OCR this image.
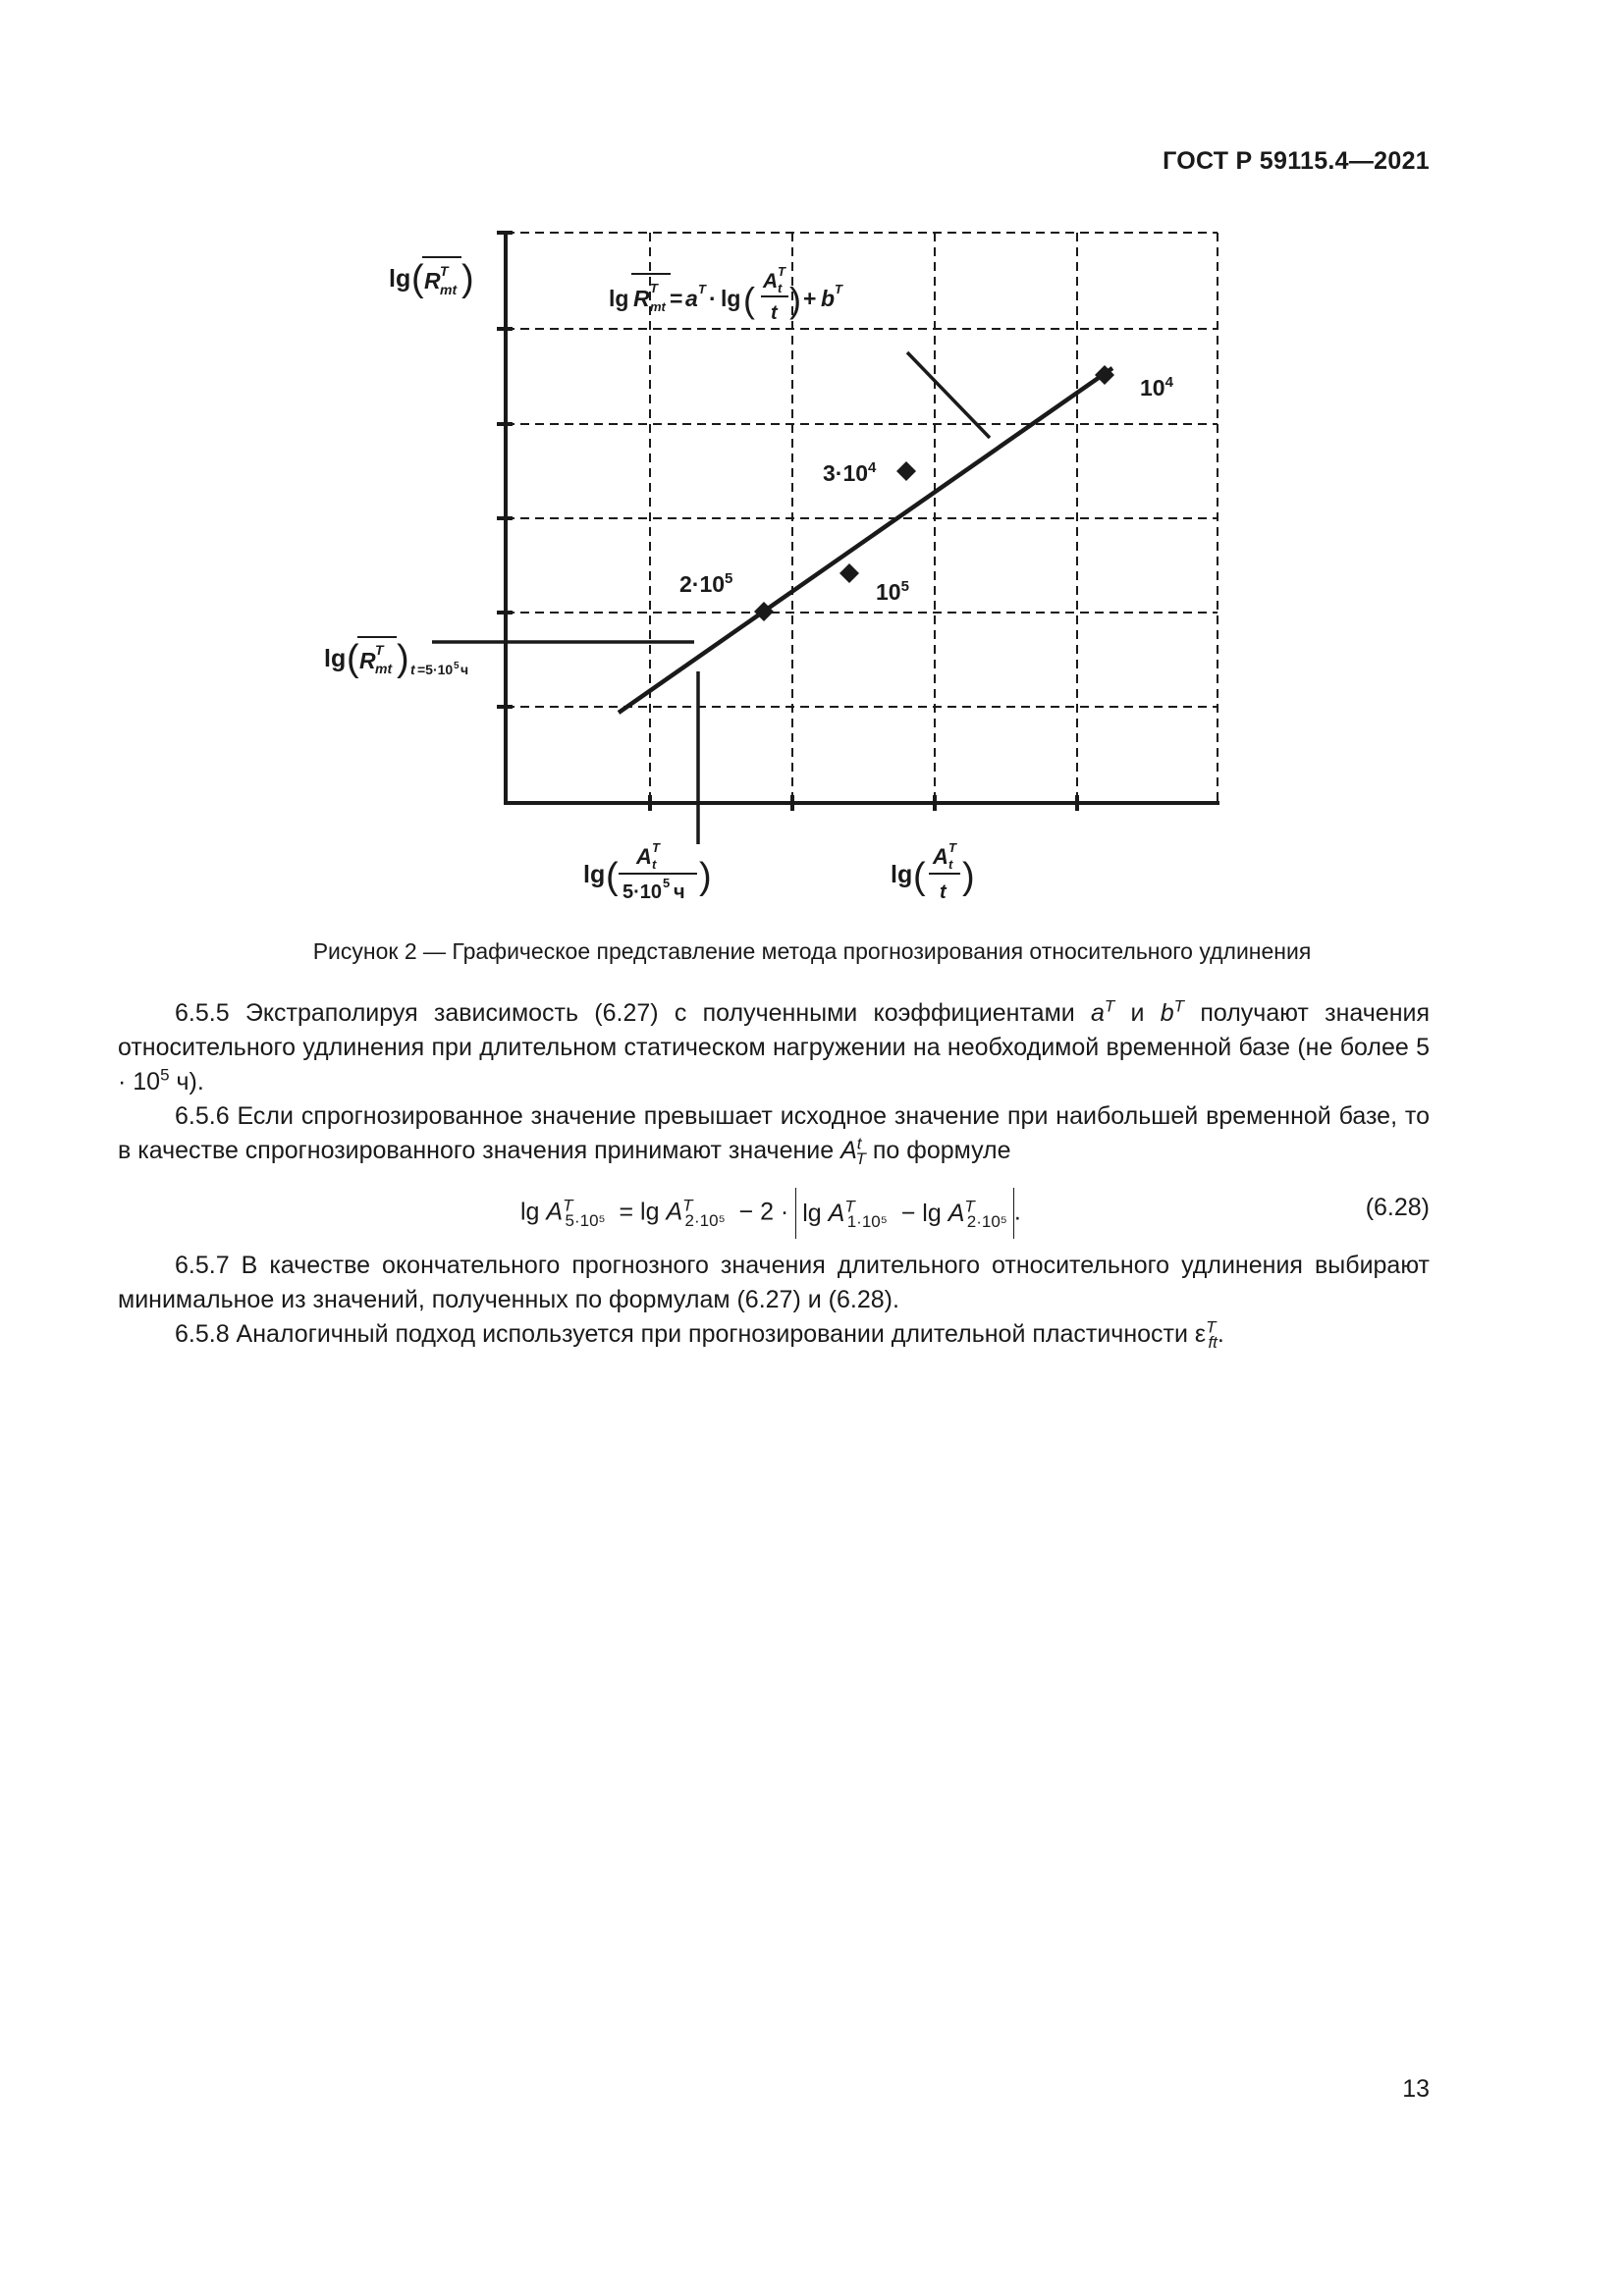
ГОСТ Р 59115.4—2021
$10^4$
$3\cdot 10^4$
$10^5$
$2\cdot 10^5$
lg ( R T
mt )	lg R T
mt = a T · lg ( A T
t
t ) + b T
lg ( R T
mt ) t =5·10 5 ч
lg ( A T
t
5·10 5 ч )	lg ( A T
t
t )
Рисунок 2 — Графическое представление метода прогнозирования относительного удлинения

6.5.5 Экстраполируя зависимость (6.27) с полученными коэффициентами $a^T$ и $b^T$ получают значения относительного удлинения при длительном статическом нагружении на необходимой временной базе (не более $5 \cdot 10^5$ ч).

6.5.6 Если спрогнозированное значение превышает исходное значение при наибольшей временной базе, то в качестве спрогнозированного значения принимают значение $A^t_T$ по формуле

$\lg A^T_{5\cdot 10^5} = \lg A^T_{2\cdot 10^5} - 2 \cdot \lg A^T_{1\cdot 10^5} - \lg A^T_{2\cdot 10^5}$ .	(6.28)

6.5.7 В качестве окончательного прогнозного значения длительного относительного удлинения выбирают минимальное из значений, полученных по формулам (6.27) и (6.28).

6.5.8 Аналогичный подход используется при прогнозировании длительной пластичности $\varepsilon^T_{ft}$.

13
